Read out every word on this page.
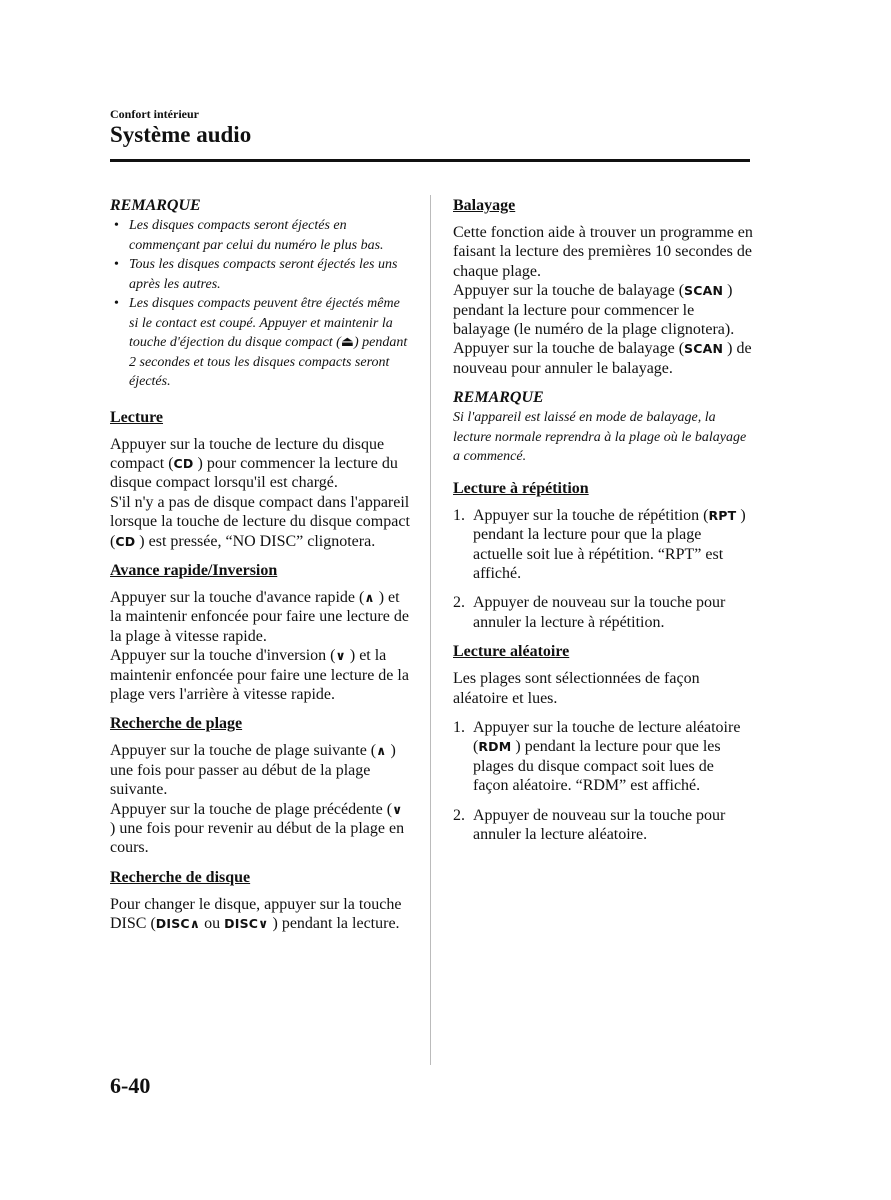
Confort intérieur
Système audio
REMARQUE
• Les disques compacts seront éjectés en commençant par celui du numéro le plus bas.
• Tous les disques compacts seront éjectés les uns après les autres.
• Les disques compacts peuvent être éjectés même si le contact est coupé. Appuyer et maintenir la touche d'éjection du disque compact (⏏) pendant 2 secondes et tous les disques compacts seront éjectés.
Lecture

Appuyer sur la touche de lecture du disque compact (CD ) pour commencer la lecture du disque compact lorsqu'il est chargé.

S'il n'y a pas de disque compact dans l'appareil lorsque la touche de lecture du disque compact (CD ) est pressée, “NO DISC” clignotera.

Avance rapide/Inversion

Appuyer sur la touche d'avance rapide (∧ ) et la maintenir enfoncée pour faire une lecture de la plage à vitesse rapide.

Appuyer sur la touche d'inversion (∨ ) et la maintenir enfoncée pour faire une lecture de la plage vers l'arrière à vitesse rapide.

Recherche de plage

Appuyer sur la touche de plage suivante (∧ ) une fois pour passer au début de la plage suivante.

Appuyer sur la touche de plage précédente (∨ ) une fois pour revenir au début de la plage en cours.

Recherche de disque

Pour changer le disque, appuyer sur la touche DISC (DISC∧ ou DISC∨ ) pendant la lecture.

Balayage

Cette fonction aide à trouver un programme en faisant la lecture des premières 10 secondes de chaque plage.

Appuyer sur la touche de balayage (SCAN ) pendant la lecture pour commencer le balayage (le numéro de la plage clignotera).

Appuyer sur la touche de balayage (SCAN ) de nouveau pour annuler le balayage.

REMARQUE

Si l'appareil est laissé en mode de balayage, la lecture normale reprendra à la plage où le balayage a commencé.

Lecture à répétition
1. Appuyer sur la touche de répétition (RPT ) pendant la lecture pour que la plage actuelle soit lue à répétition. “RPT” est affiché.
2. Appuyer de nouveau sur la touche pour annuler la lecture à répétition.
Lecture aléatoire

Les plages sont sélectionnées de façon aléatoire et lues.

1. Appuyer sur la touche de lecture aléatoire (RDM ) pendant la lecture pour que les plages du disque compact soit lues de façon aléatoire. “RDM” est affiché.
2. Appuyer de nouveau sur la touche pour annuler la lecture aléatoire.
6-40
